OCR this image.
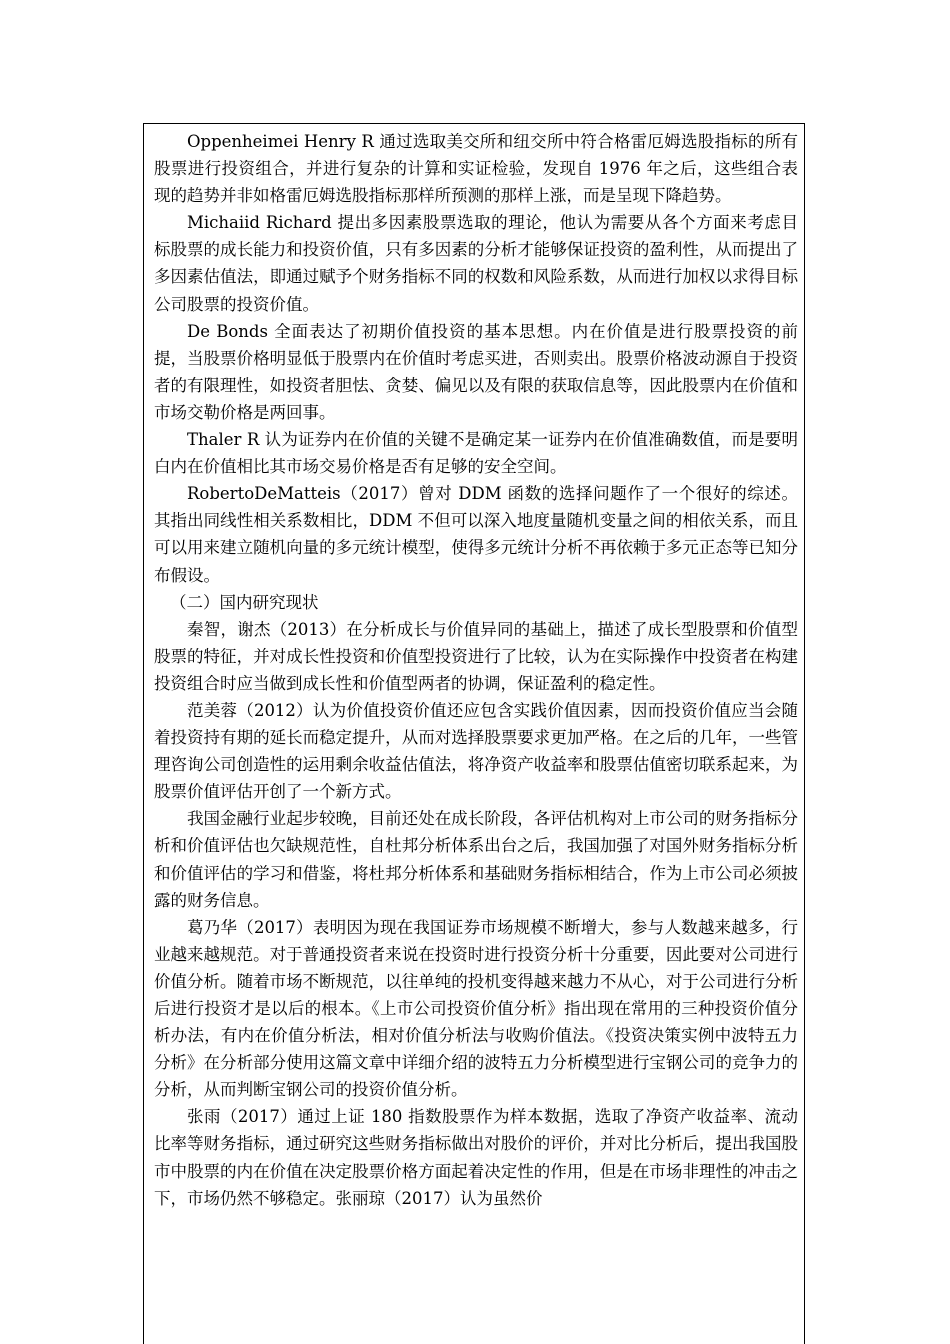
Oppenheimei Henry R 通过选取美交所和纽交所中符合格雷厄姆选股指标的所有股票进行投资组合，并进行复杂的计算和实证检验，发现自 1976 年之后，这些组合表现的趋势并非如格雷厄姆选股指标那样所预测的那样上涨，而是呈现下降趋势。

Michaiid Richard 提出多因素股票选取的理论，他认为需要从各个方面来考虑目标股票的成长能力和投资价值，只有多因素的分析才能够保证投资的盈利性，从而提出了多因素估值法，即通过赋予个财务指标不同的权数和风险系数，从而进行加权以求得目标公司股票的投资价值。

De Bonds 全面表达了初期价值投资的基本思想。内在价值是进行股票投资的前提，当股票价格明显低于股票内在价值时考虑买进，否则卖出。股票价格波动源自于投资者的有限理性，如投资者胆怯、贪婪、偏见以及有限的获取信息等，因此股票内在价值和市场交勒价格是两回事。

Thaler R 认为证券内在价值的关键不是确定某一证券内在价值准确数值，而是要明白内在价值相比其市场交易价格是否有足够的安全空间。

RobertoDeMatteis（2017）曾对 DDM 函数的选择问题作了一个很好的综述。其指出同线性相关系数相比，DDM 不但可以深入地度量随机变量之间的相依关系，而且可以用来建立随机向量的多元统计模型，使得多元统计分析不再依赖于多元正态等已知分布假设。

（二）国内研究现状

秦智，谢杰（2013）在分析成长与价值异同的基础上，描述了成长型股票和价值型股票的特征，并对成长性投资和价值型投资进行了比较，认为在实际操作中投资者在构建投资组合时应当做到成长性和价值型两者的协调，保证盈利的稳定性。

范美蓉（2012）认为价值投资价值还应包含实践价值因素，因而投资价值应当会随着投资持有期的延长而稳定提升，从而对选择股票要求更加严格。在之后的几年，一些管理咨询公司创造性的运用剩余收益估值法，将净资产收益率和股票估值密切联系起来，为股票价值评估开创了一个新方式。

我国金融行业起步较晚，目前还处在成长阶段，各评估机构对上市公司的财务指标分析和价值评估也欠缺规范性，自杜邦分析体系出台之后，我国加强了对国外财务指标分析和价值评估的学习和借鉴，将杜邦分析体系和基础财务指标相结合，作为上市公司必须披露的财务信息。

葛乃华（2017）表明因为现在我国证券市场规模不断增大，参与人数越来越多，行业越来越规范。对于普通投资者来说在投资时进行投资分析十分重要，因此要对公司进行价值分析。随着市场不断规范，以往单纯的投机变得越来越力不从心，对于公司进行分析后进行投资才是以后的根本。《上市公司投资价值分析》指出现在常用的三种投资价值分析办法，有内在价值分析法，相对价值分析法与收购价值法。《投资决策实例中波特五力分析》在分析部分使用这篇文章中详细介绍的波特五力分析模型进行宝钢公司的竞争力的分析，从而判断宝钢公司的投资价值分析。

张雨（2017）通过上证 180 指数股票作为样本数据，选取了净资产收益率、流动比率等财务指标，通过研究这些财务指标做出对股价的评价，并对比分析后，提出我国股市中股票的内在价值在决定股票价格方面起着决定性的作用，但是在市场非理性的冲击之下，市场仍然不够稳定。张丽琼（2017）认为虽然价
